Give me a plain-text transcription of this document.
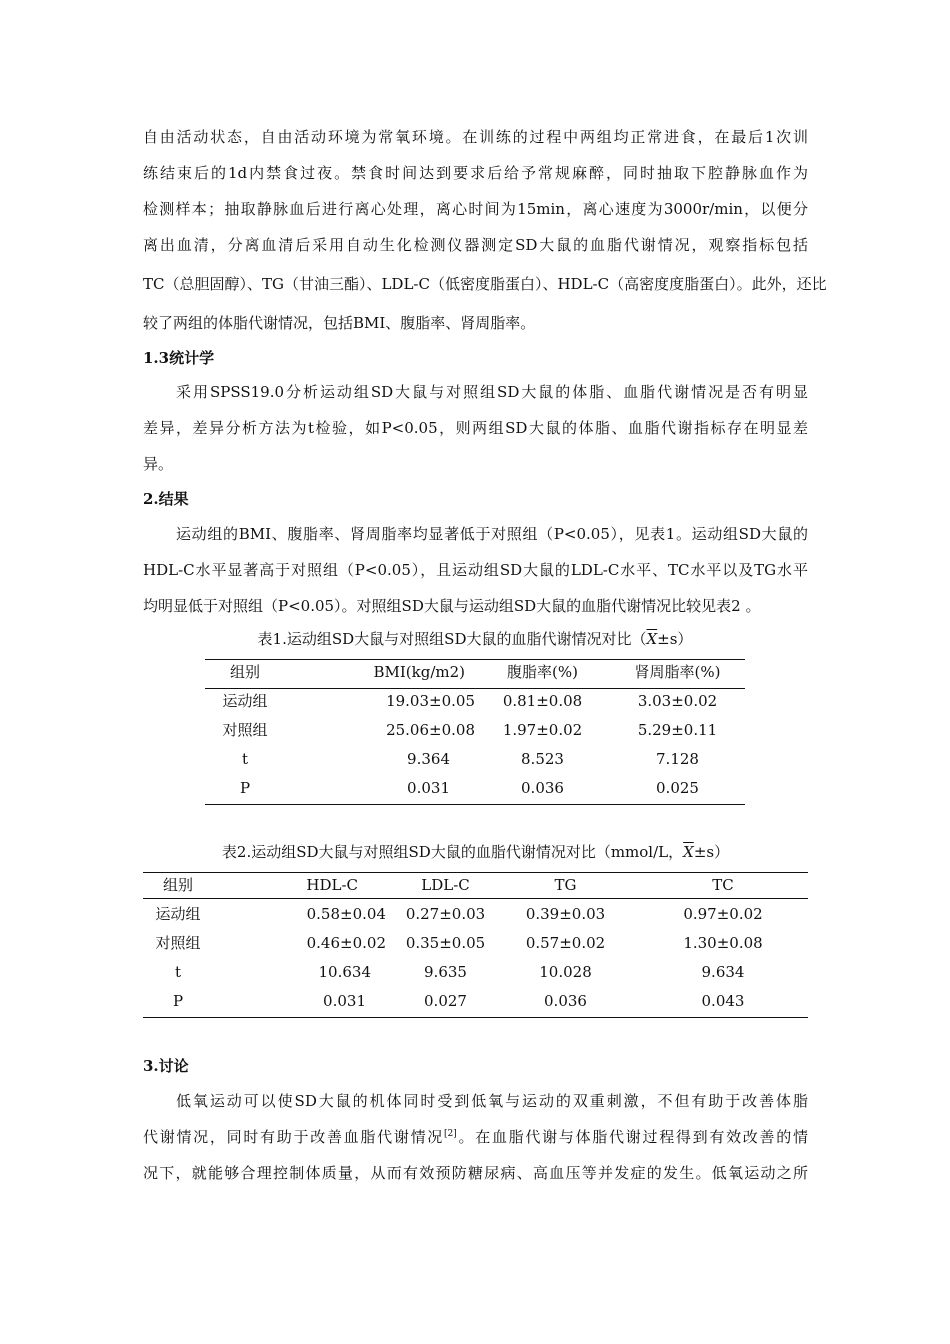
自由活动状态，自由活动环境为常氧环境。在训练的过程中两组均正常进食，在最后1次训
练结束后的1d内禁食过夜。禁食时间达到要求后给予常规麻醉，同时抽取下腔静脉血作为
检测样本；抽取静脉血后进行离心处理，离心时间为15min，离心速度为3000r/min，以便分
离出血清，分离血清后采用自动生化检测仪器测定SD大鼠的血脂代谢情况，观察指标包括
TC（总胆固醇）、TG（甘油三酯）、LDL-C（低密度脂蛋白）、HDL-C（高密度度脂蛋白）。此外，还比
较了两组的体脂代谢情况，包括BMI、腹脂率、肾周脂率。
1.3统计学
采用SPSS19.0分析运动组SD大鼠与对照组SD大鼠的体脂、血脂代谢情况是否有明显
差异，差异分析方法为t检验，如P<0.05，则两组SD大鼠的体脂、血脂代谢指标存在明显差
异。
2.结果
运动组的BMI、腹脂率、肾周脂率均显著低于对照组（P<0.05），见表1。运动组SD大鼠的
HDL-C水平显著高于对照组（P<0.05），且运动组SD大鼠的LDL-C水平、TC水平以及TG水平
均明显低于对照组（P<0.05）。对照组SD大鼠与运动组SD大鼠的血脂代谢情况比较见表2 。
表1.运动组SD大鼠与对照组SD大鼠的血脂代谢情况对比$(\overline{X}\pm s)$
组别	BMI(kg/m2)	腹脂率(%)	肾周脂率(%)
运动组	19.03±0.05	0.81±0.08	3.03±0.02
对照组	25.06±0.08	1.97±0.02	5.29±0.11
t	9.364	8.523	7.128
P	0.031	0.036	0.025
表2.运动组SD大鼠与对照组SD大鼠的血脂代谢情况对比（mmol/L，$\overline{X}\pm s$）
组别	HDL-C	LDL-C	TG	TC
运动组	0.58±0.04	0.27±0.03	0.39±0.03	0.97±0.02
对照组	0.46±0.02	0.35±0.05	0.57±0.02	1.30±0.08
t	10.634	9.635	10.028	9.634
P	0.031	0.027	0.036	0.043
3.讨论
低氧运动可以使SD大鼠的机体同时受到低氧与运动的双重刺激，不但有助于改善体脂
代谢情况，同时有助于改善血脂代谢情况[2]。在血脂代谢与体脂代谢过程得到有效改善的情
况下，就能够合理控制体质量，从而有效预防糖尿病、高血压等并发症的发生。低氧运动之所
